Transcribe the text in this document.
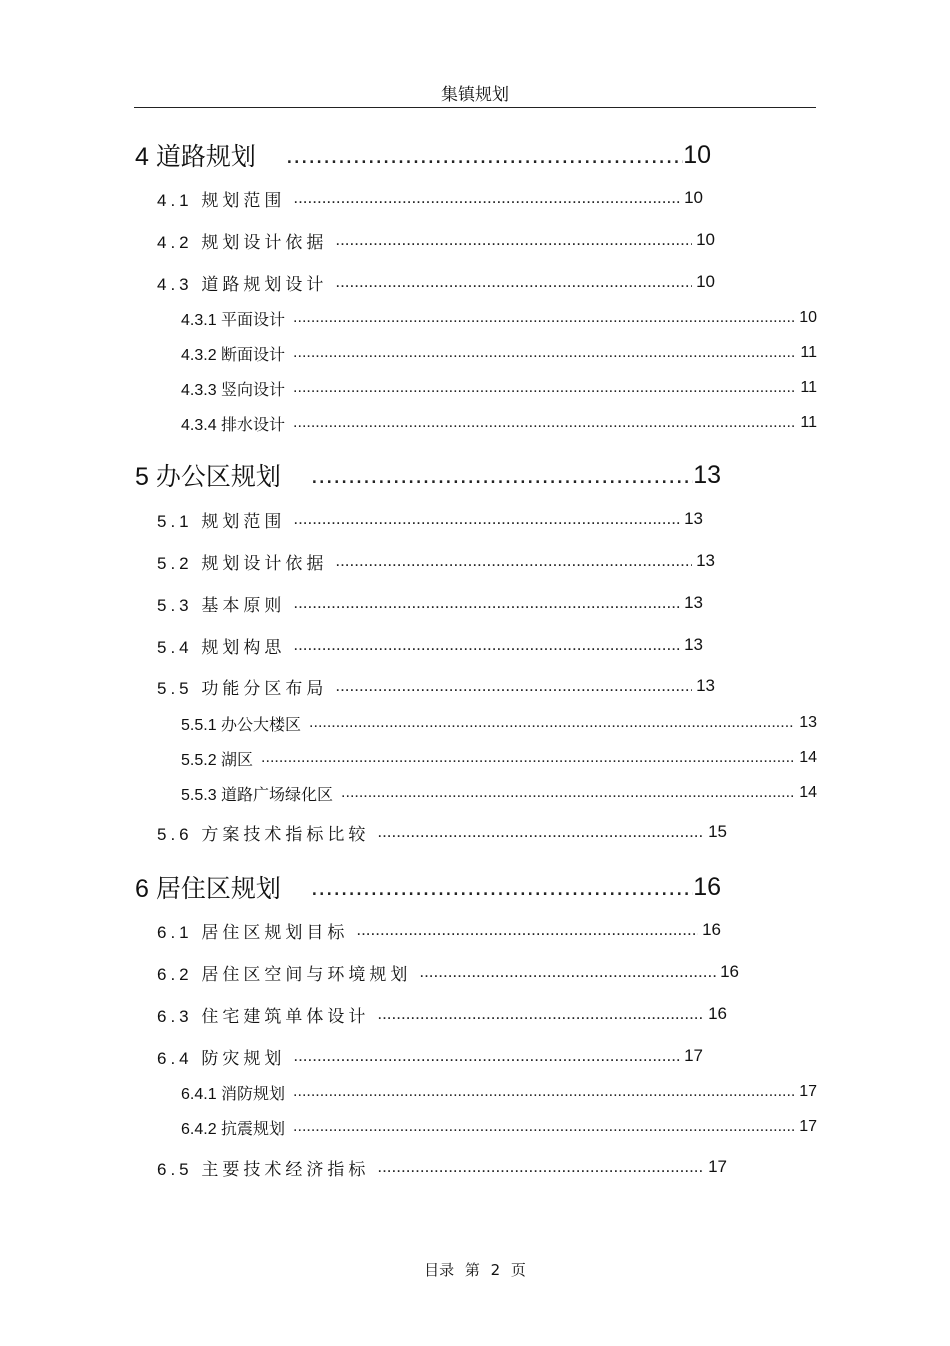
集镇规划
4 道路规划 .....	10
4.1 规划范围 .....	10
4.2 规划设计依据 .....	10
4.3 道路规划设计 .....	10
4.3.1 平面设计 .....	10
4.3.2 断面设计 .....	11
4.3.3 竖向设计 .....	11
4.3.4 排水设计 .....	11
5 办公区规划 .....	13
5.1 规划范围 .....	13
5.2 规划设计依据 .....	13
5.3 基本原则 .....	13
5.4 规划构思 .....	13
5.5 功能分区布局 .....	13
5.5.1 办公大楼区 .....	13
5.5.2 湖区 .....	14
5.5.3 道路广场绿化区 .....	14
5.6 方案技术指标比较 .....	15
6 居住区规划 .....	16
6.1 居住区规划目标 .....	16
6.2 居住区空间与环境规划 .....	16
6.3 住宅建筑单体设计 .....	16
6.4 防灾规划 .....	17
6.4.1 消防规划 .....	17
6.4.2 抗震规划 .....	17
6.5 主要技术经济指标 .....	17
目录 第 2 页
